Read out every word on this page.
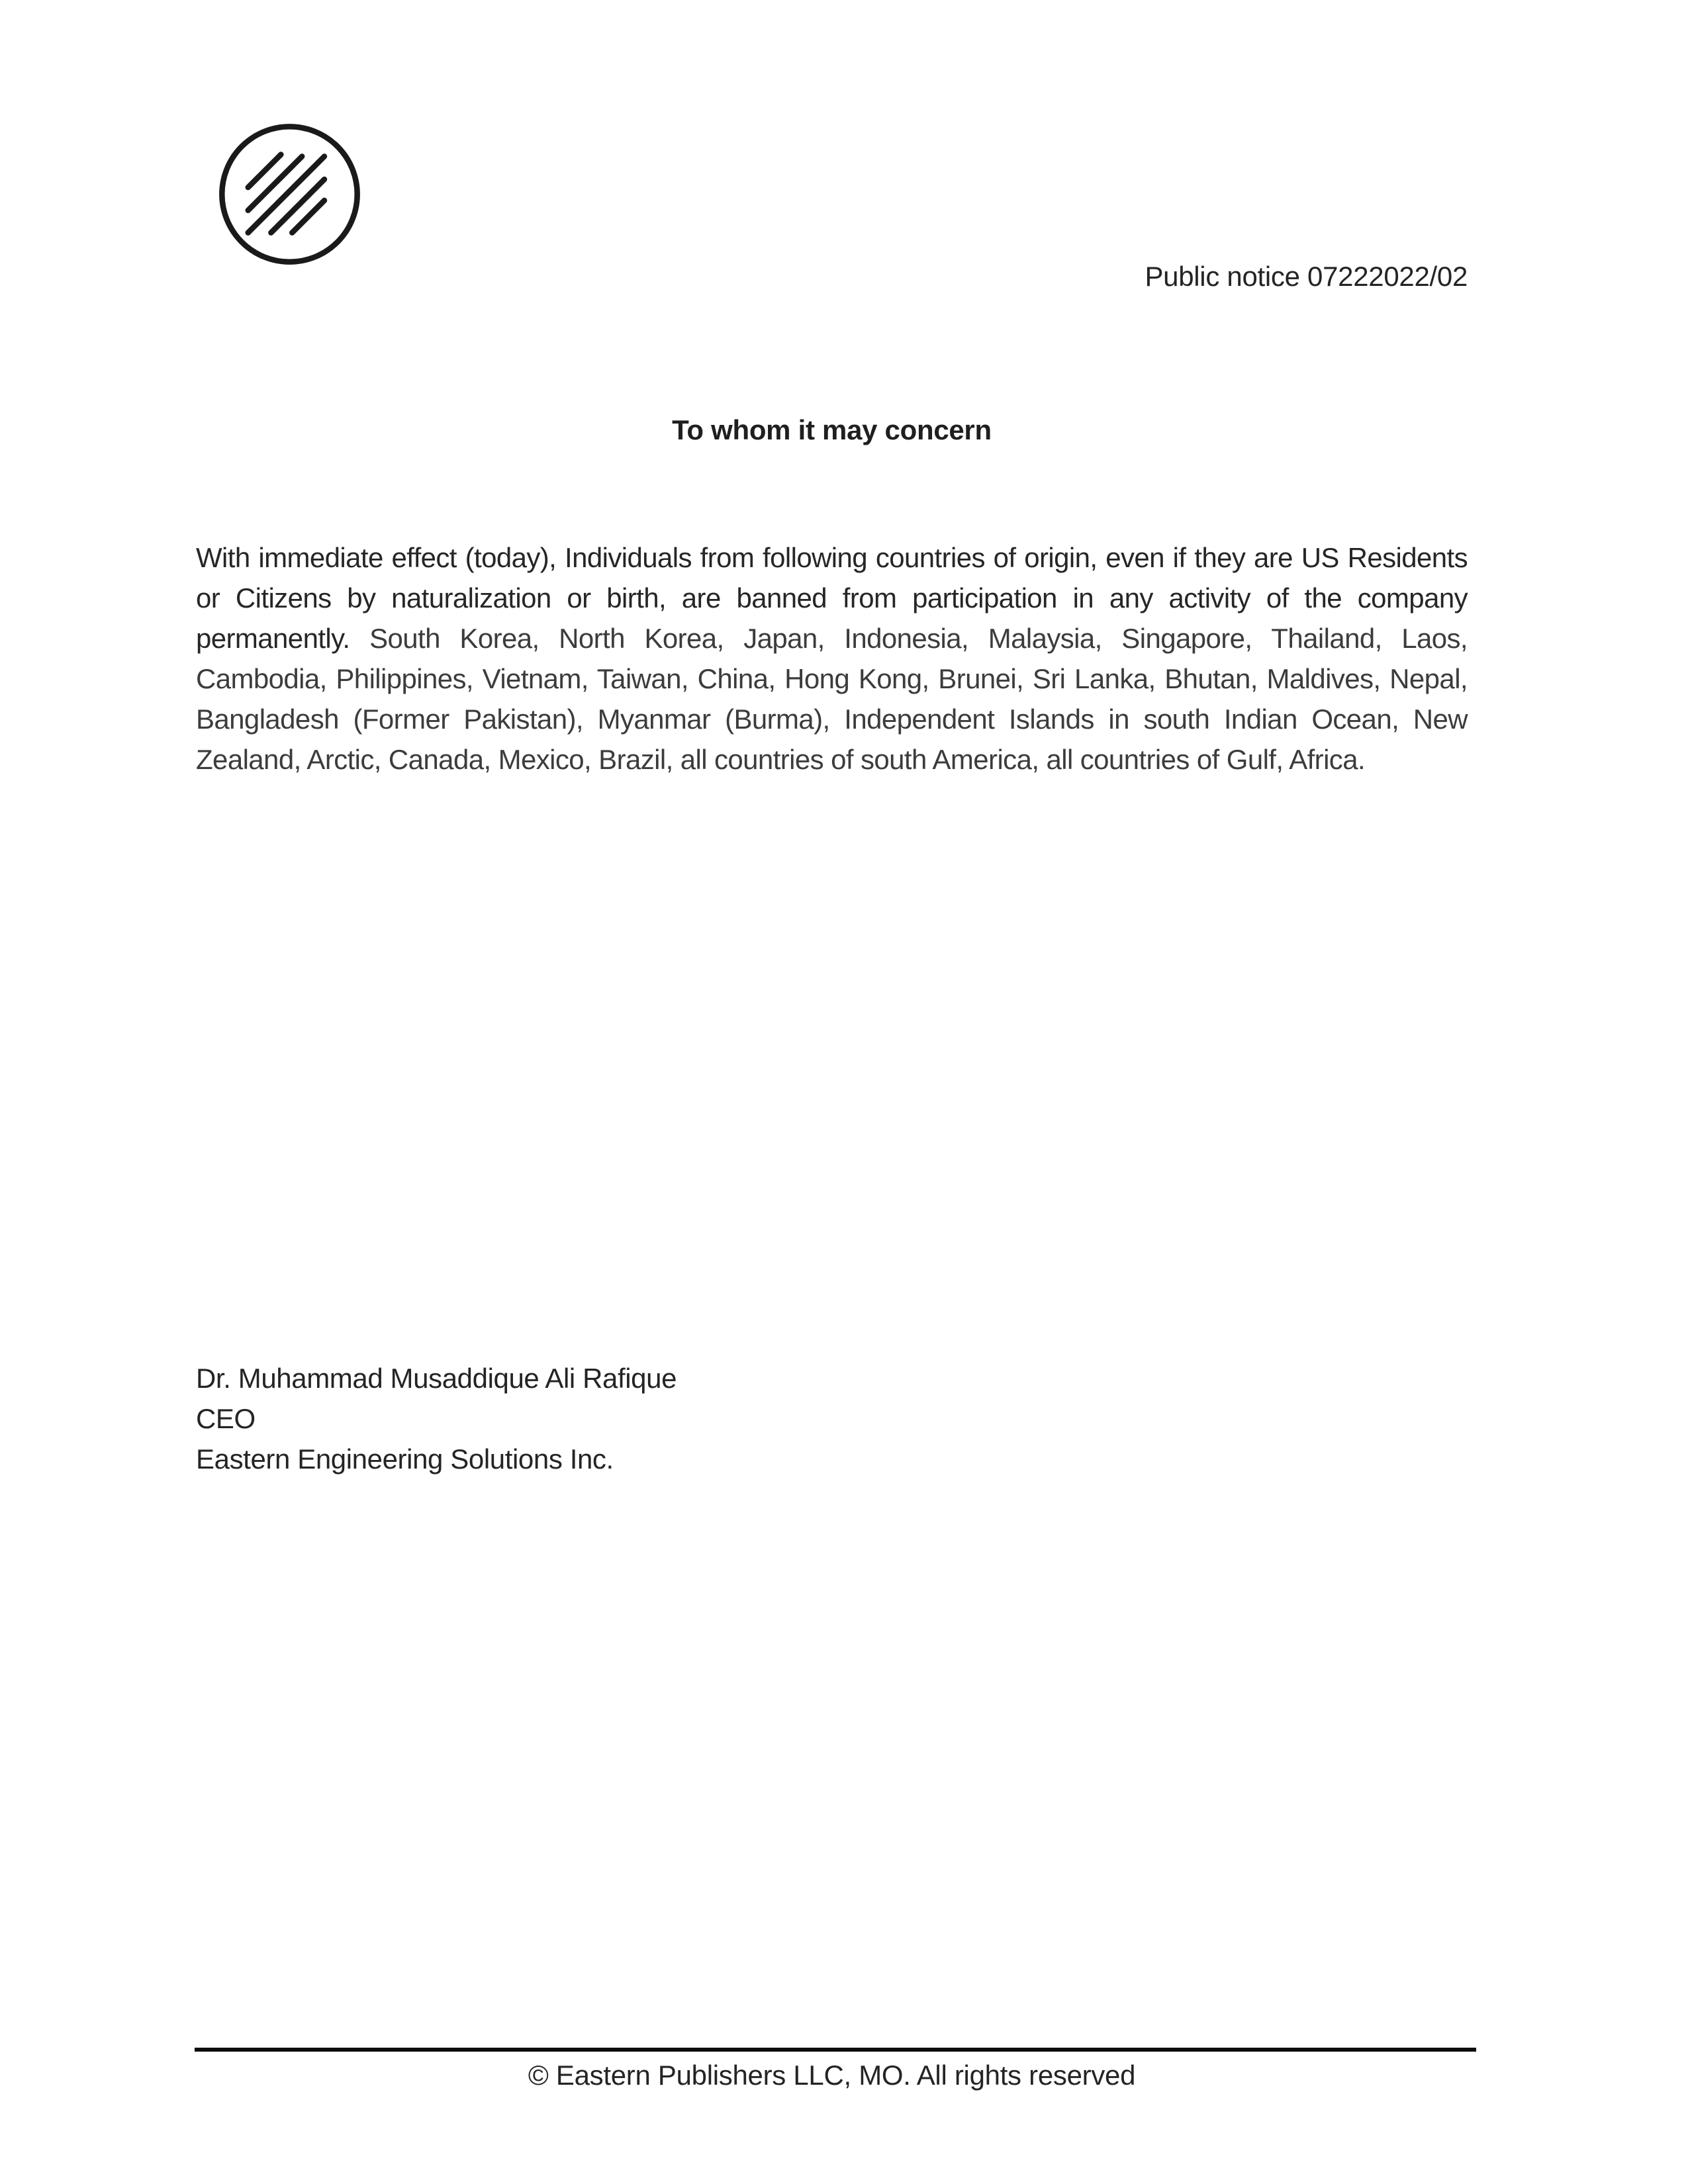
Public notice 07222022/02
To whom it may concern

With immediate effect (today), Individuals from following countries of origin, even if they are US Residents or Citizens by naturalization or birth, are banned from participation in any activity of the company permanently. South Korea, North Korea, Japan, Indonesia, Malaysia, Singapore, Thailand, Laos, Cambodia, Philippines, Vietnam, Taiwan, China, Hong Kong, Brunei, Sri Lanka, Bhutan, Maldives, Nepal, Bangladesh (Former Pakistan), Myanmar (Burma), Independent Islands in south Indian Ocean, New Zealand, Arctic, Canada, Mexico, Brazil, all countries of south America, all countries of Gulf, Africa.

Dr. Muhammad Musaddique Ali Rafique
CEO
Eastern Engineering Solutions Inc.
© Eastern Publishers LLC, MO. All rights reserved
